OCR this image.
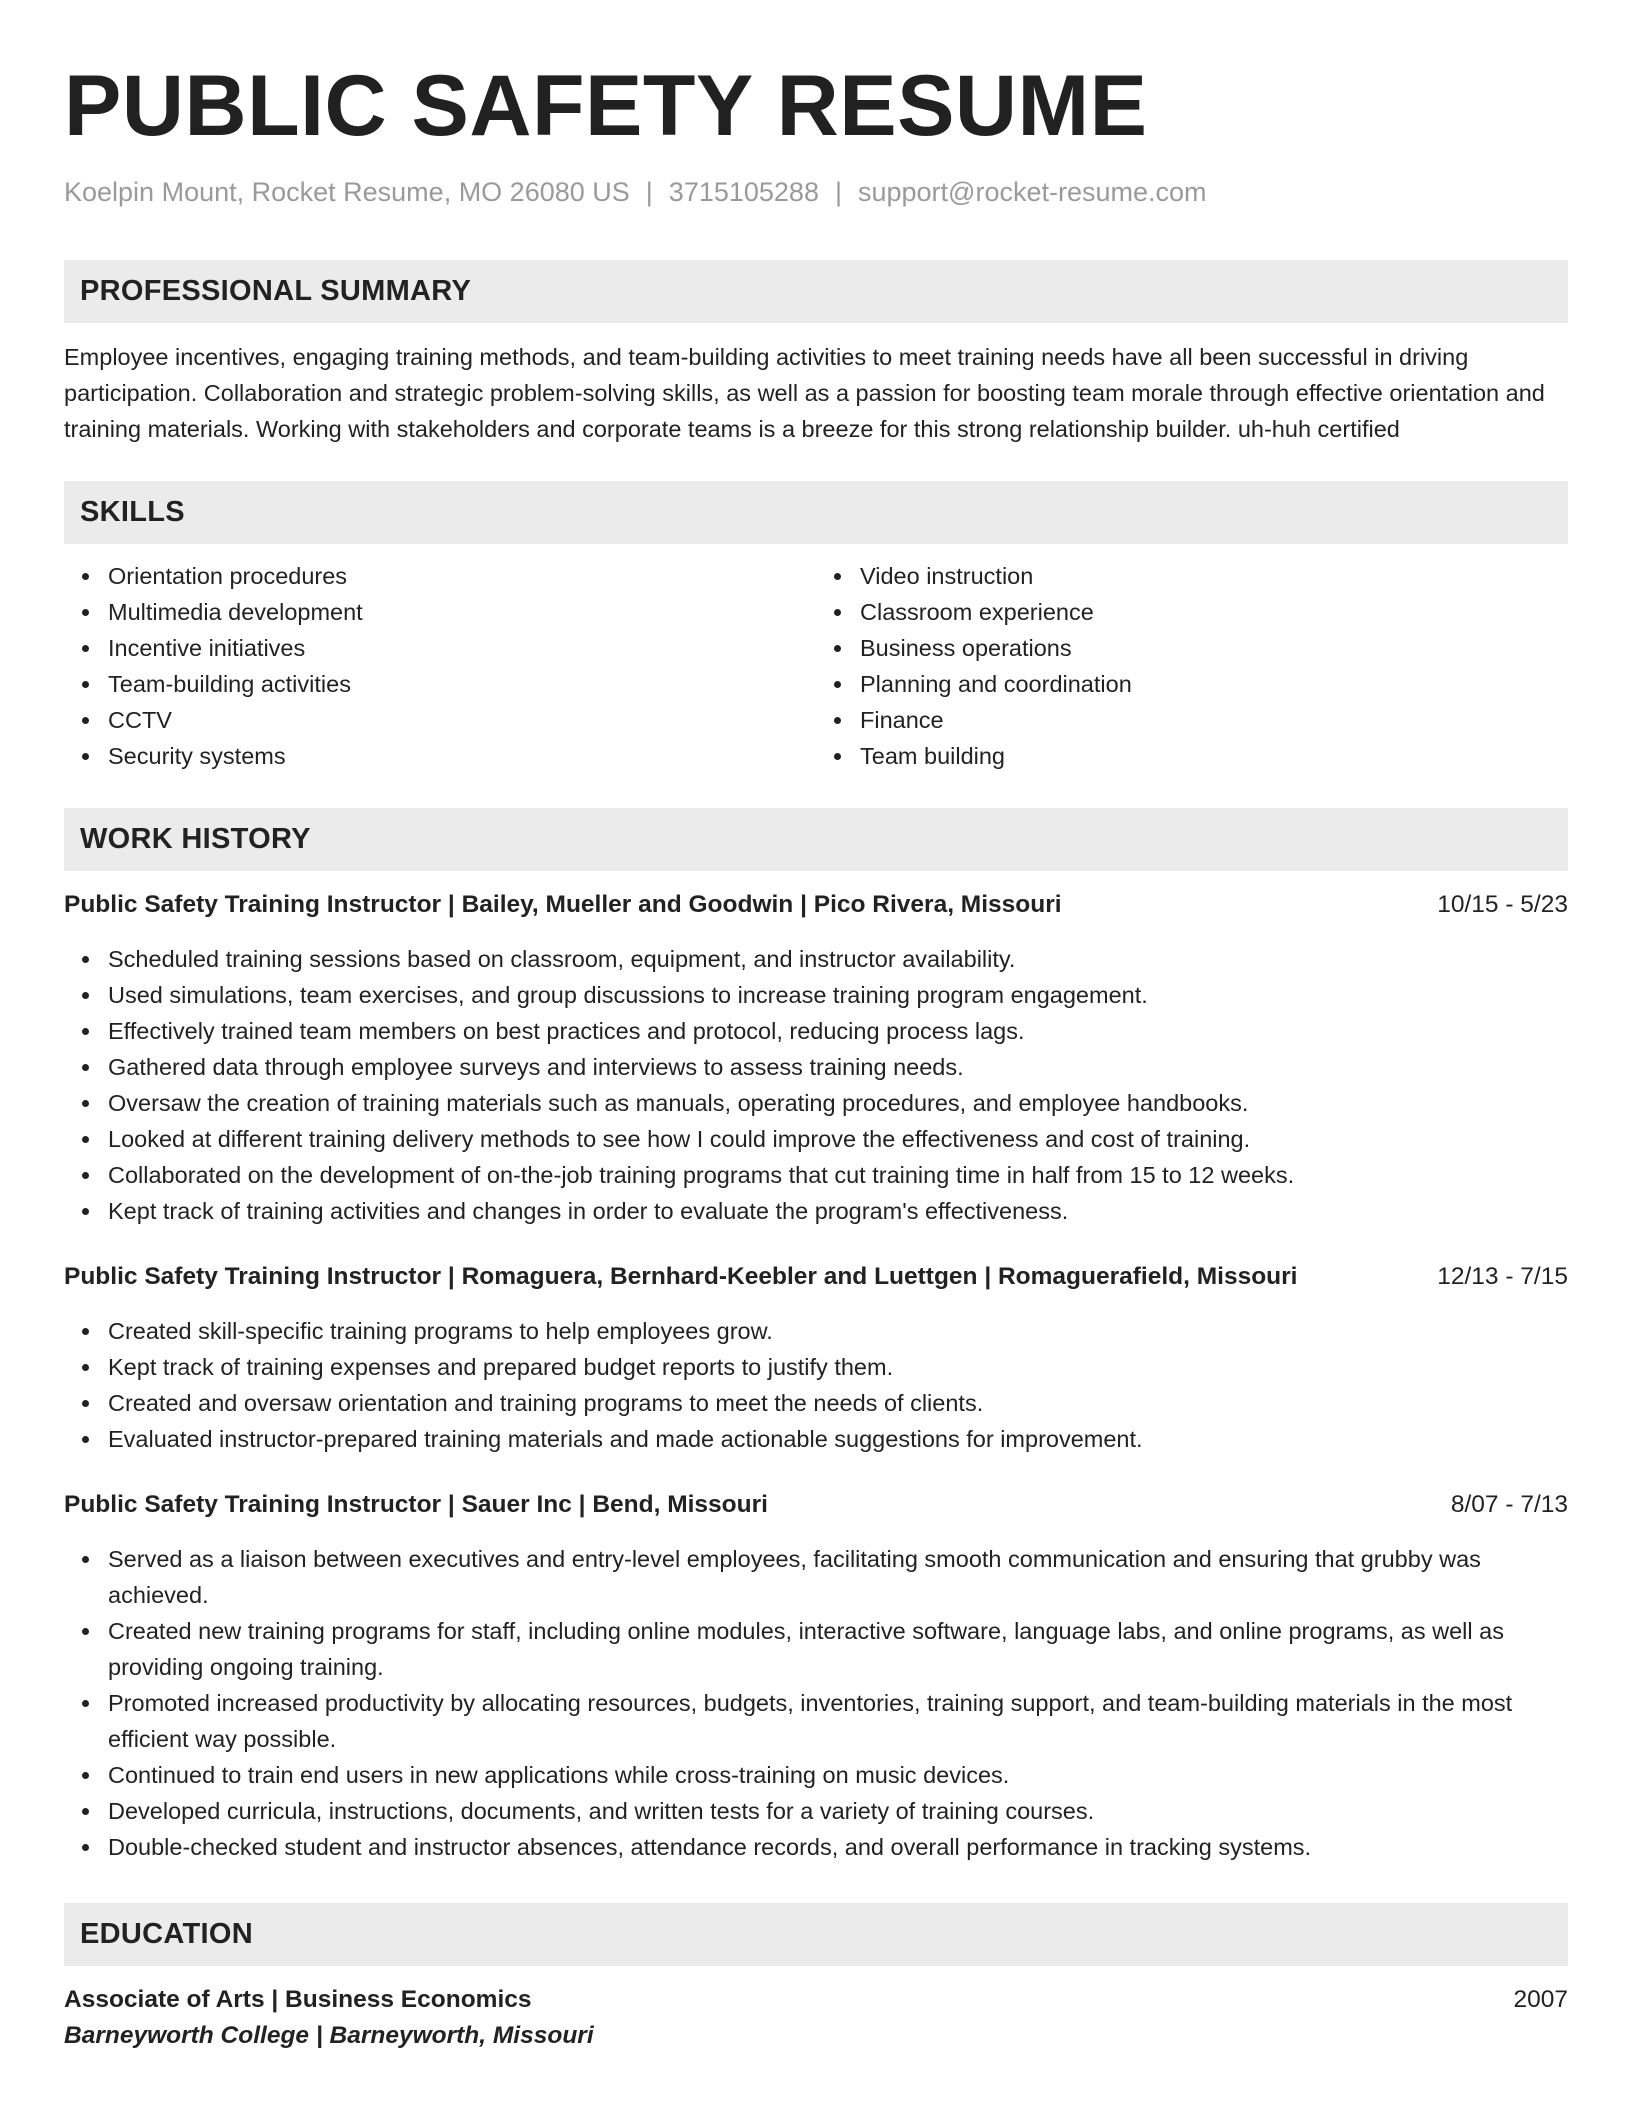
PUBLIC SAFETY RESUME
Koelpin Mount, Rocket Resume, MO 26080 US | 3715105288 | support@rocket-resume.com
PROFESSIONAL SUMMARY

Employee incentives, engaging training methods, and team-building activities to meet training needs have all been successful in driving participation. Collaboration and strategic problem-solving skills, as well as a passion for boosting team morale through effective orientation and training materials. Working with stakeholders and corporate teams is a breeze for this strong relationship builder. uh-huh certified

SKILLS
Orientation procedures
Multimedia development
Incentive initiatives
Team-building activities
CCTV
Security systems
Video instruction
Classroom experience
Business operations
Planning and coordination
Finance
Team building
WORK HISTORY
Public Safety Training Instructor | Bailey, Mueller and Goodwin | Pico Rivera, Missouri	10/15 - 5/23
Scheduled training sessions based on classroom, equipment, and instructor availability.
Used simulations, team exercises, and group discussions to increase training program engagement.
Effectively trained team members on best practices and protocol, reducing process lags.
Gathered data through employee surveys and interviews to assess training needs.
Oversaw the creation of training materials such as manuals, operating procedures, and employee handbooks.
Looked at different training delivery methods to see how I could improve the effectiveness and cost of training.
Collaborated on the development of on-the-job training programs that cut training time in half from 15 to 12 weeks.
Kept track of training activities and changes in order to evaluate the program's effectiveness.
Public Safety Training Instructor | Romaguera, Bernhard-Keebler and Luettgen | Romaguerafield, Missouri	12/13 - 7/15
Created skill-specific training programs to help employees grow.
Kept track of training expenses and prepared budget reports to justify them.
Created and oversaw orientation and training programs to meet the needs of clients.
Evaluated instructor-prepared training materials and made actionable suggestions for improvement.
Public Safety Training Instructor | Sauer Inc | Bend, Missouri	8/07 - 7/13
Served as a liaison between executives and entry-level employees, facilitating smooth communication and ensuring that grubby was achieved.
Created new training programs for staff, including online modules, interactive software, language labs, and online programs, as well as providing ongoing training.
Promoted increased productivity by allocating resources, budgets, inventories, training support, and team-building materials in the most efficient way possible.
Continued to train end users in new applications while cross-training on music devices.
Developed curricula, instructions, documents, and written tests for a variety of training courses.
Double-checked student and instructor absences, attendance records, and overall performance in tracking systems.
EDUCATION
Associate of Arts | Business Economics	2007
Barneyworth College | Barneyworth, Missouri
